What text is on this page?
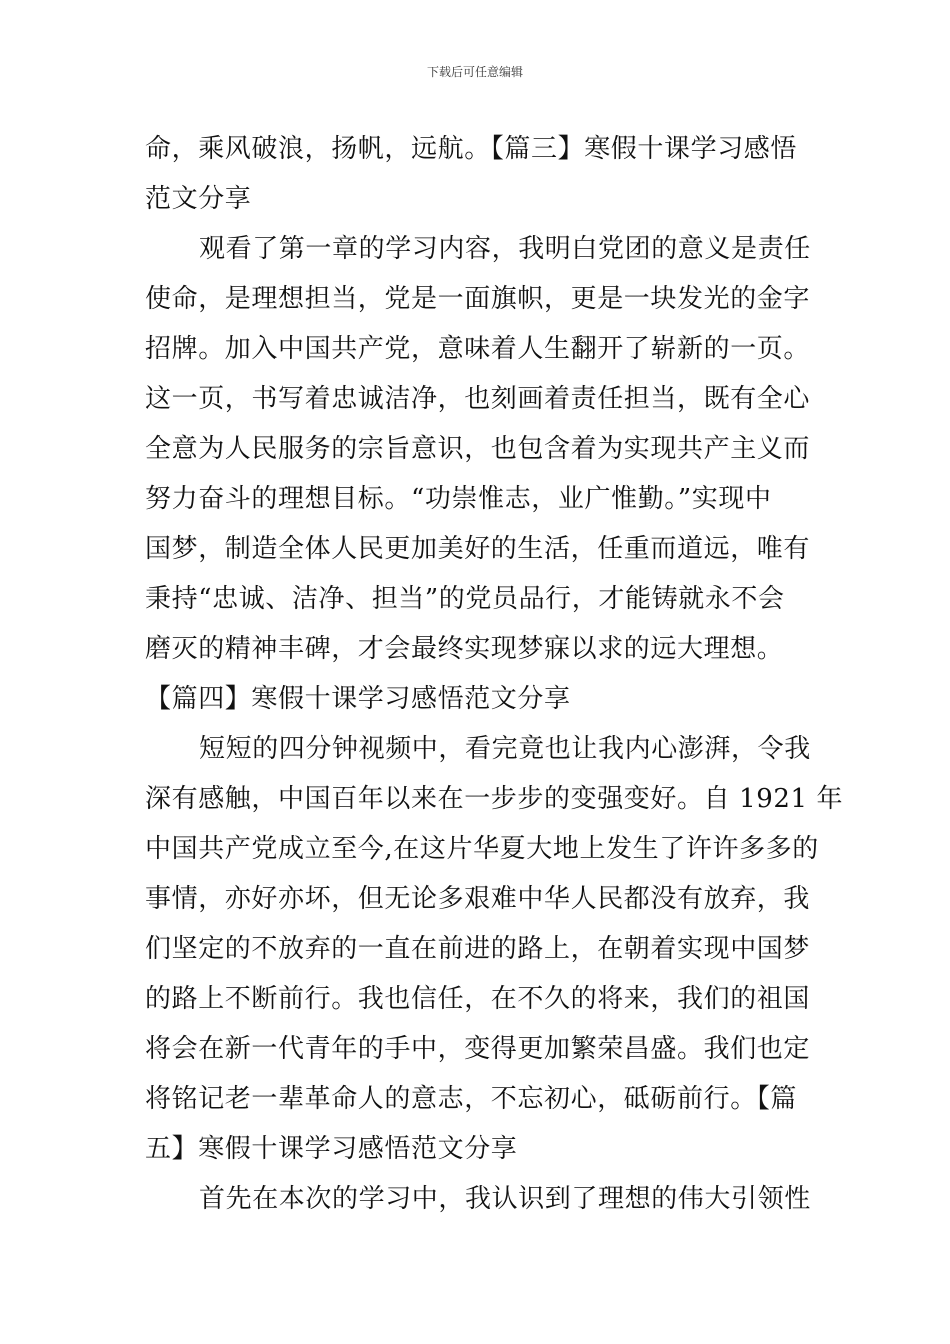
下载后可任意编辑
命，乘风破浪，扬帆，远航。【篇三】寒假十课学习感悟
范文分享
观看了第一章的学习内容，我明白党团的意义是责任
使命，是理想担当，党是一面旗帜，更是一块发光的金字
招牌。加入中国共产党，意味着人生翻开了崭新的一页。
这一页，书写着忠诚洁净，也刻画着责任担当，既有全心
全意为人民服务的宗旨意识，也包含着为实现共产主义而
努力奋斗的理想目标。“功崇惟志，业广惟勤。”实现中
国梦，制造全体人民更加美好的生活，任重而道远，唯有
秉持“忠诚、洁净、担当”的党员品行，才能铸就永不会
磨灭的精神丰碑，才会最终实现梦寐以求的远大理想。
【篇四】寒假十课学习感悟范文分享
短短的四分钟视频中，看完竟也让我内心澎湃，令我
深有感触，中国百年以来在一步步的变强变好。自 1921 年
中国共产党成立至今,在这片华夏大地上发生了许许多多的
事情，亦好亦坏，但无论多艰难中华人民都没有放弃，我
们坚定的不放弃的一直在前进的路上，在朝着实现中国梦
的路上不断前行。我也信任，在不久的将来，我们的祖国
将会在新一代青年的手中，变得更加繁荣昌盛。我们也定
将铭记老一辈革命人的意志，不忘初心，砥砺前行。【篇
五】寒假十课学习感悟范文分享
首先在本次的学习中，我认识到了理想的伟大引领性
